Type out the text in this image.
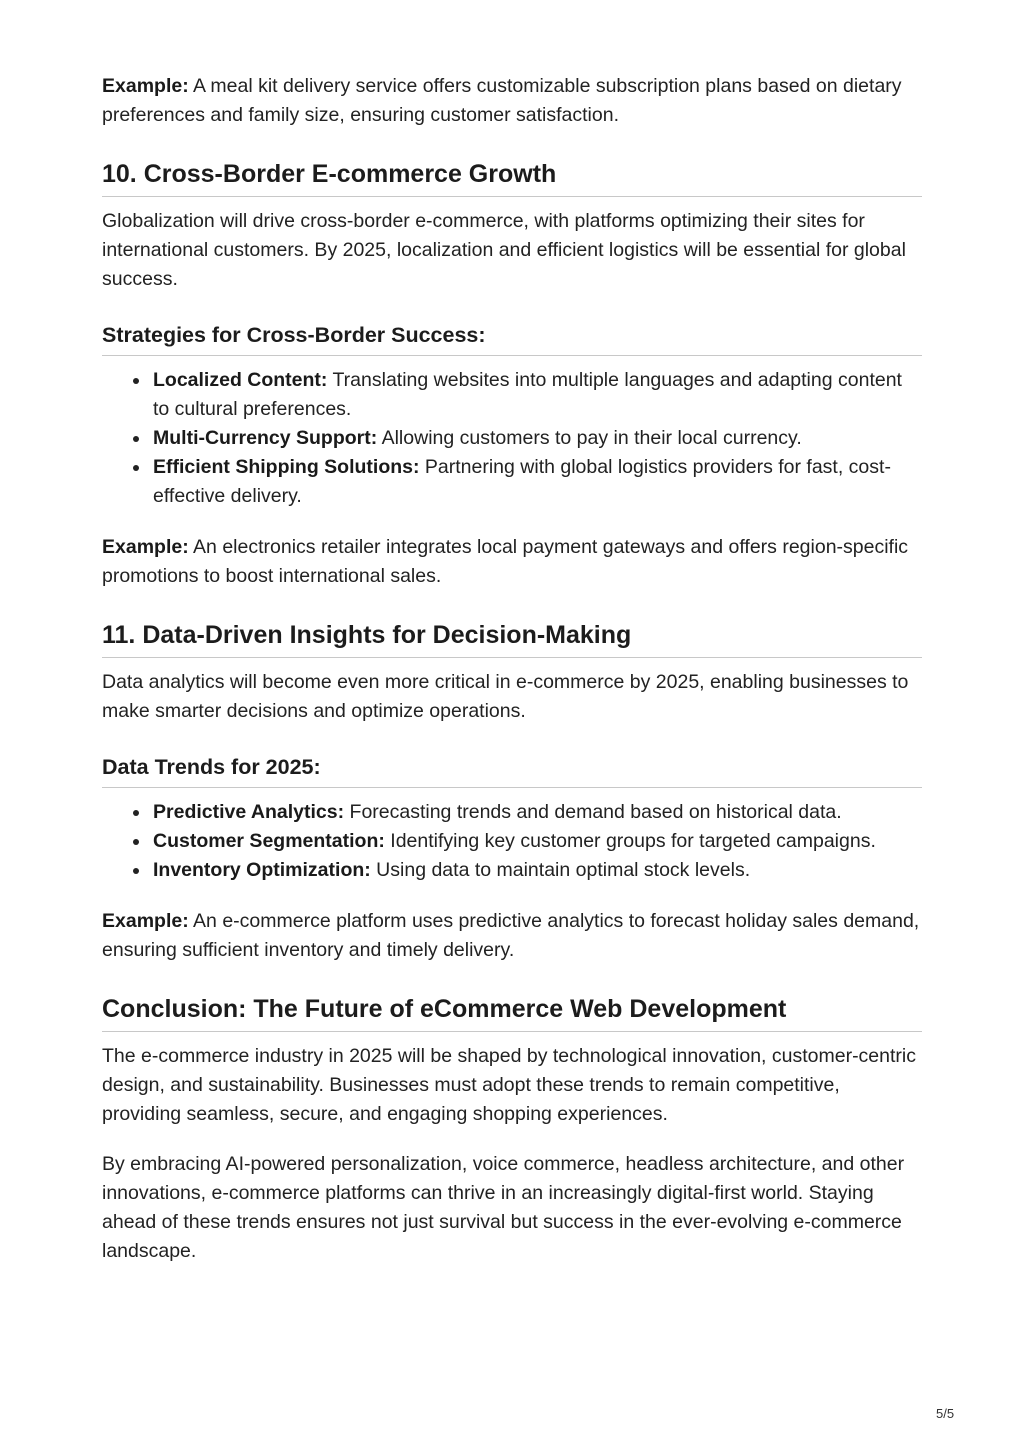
Example: A meal kit delivery service offers customizable subscription plans based on dietary preferences and family size, ensuring customer satisfaction.

10. Cross-Border E-commerce Growth

Globalization will drive cross-border e-commerce, with platforms optimizing their sites for international customers. By 2025, localization and efficient logistics will be essential for global success.

Strategies for Cross-Border Success:
Localized Content: Translating websites into multiple languages and adapting content to cultural preferences.
Multi-Currency Support: Allowing customers to pay in their local currency.
Efficient Shipping Solutions: Partnering with global logistics providers for fast, cost-effective delivery.

Example: An electronics retailer integrates local payment gateways and offers region-specific promotions to boost international sales.

11. Data-Driven Insights for Decision-Making

Data analytics will become even more critical in e-commerce by 2025, enabling businesses to make smarter decisions and optimize operations.

Data Trends for 2025:
Predictive Analytics: Forecasting trends and demand based on historical data.
Customer Segmentation: Identifying key customer groups for targeted campaigns.
Inventory Optimization: Using data to maintain optimal stock levels.

Example: An e-commerce platform uses predictive analytics to forecast holiday sales demand, ensuring sufficient inventory and timely delivery.

Conclusion: The Future of eCommerce Web Development

The e-commerce industry in 2025 will be shaped by technological innovation, customer-centric design, and sustainability. Businesses must adopt these trends to remain competitive, providing seamless, secure, and engaging shopping experiences.

By embracing AI-powered personalization, voice commerce, headless architecture, and other innovations, e-commerce platforms can thrive in an increasingly digital-first world. Staying ahead of these trends ensures not just survival but success in the ever-evolving e-commerce landscape.

5/5
